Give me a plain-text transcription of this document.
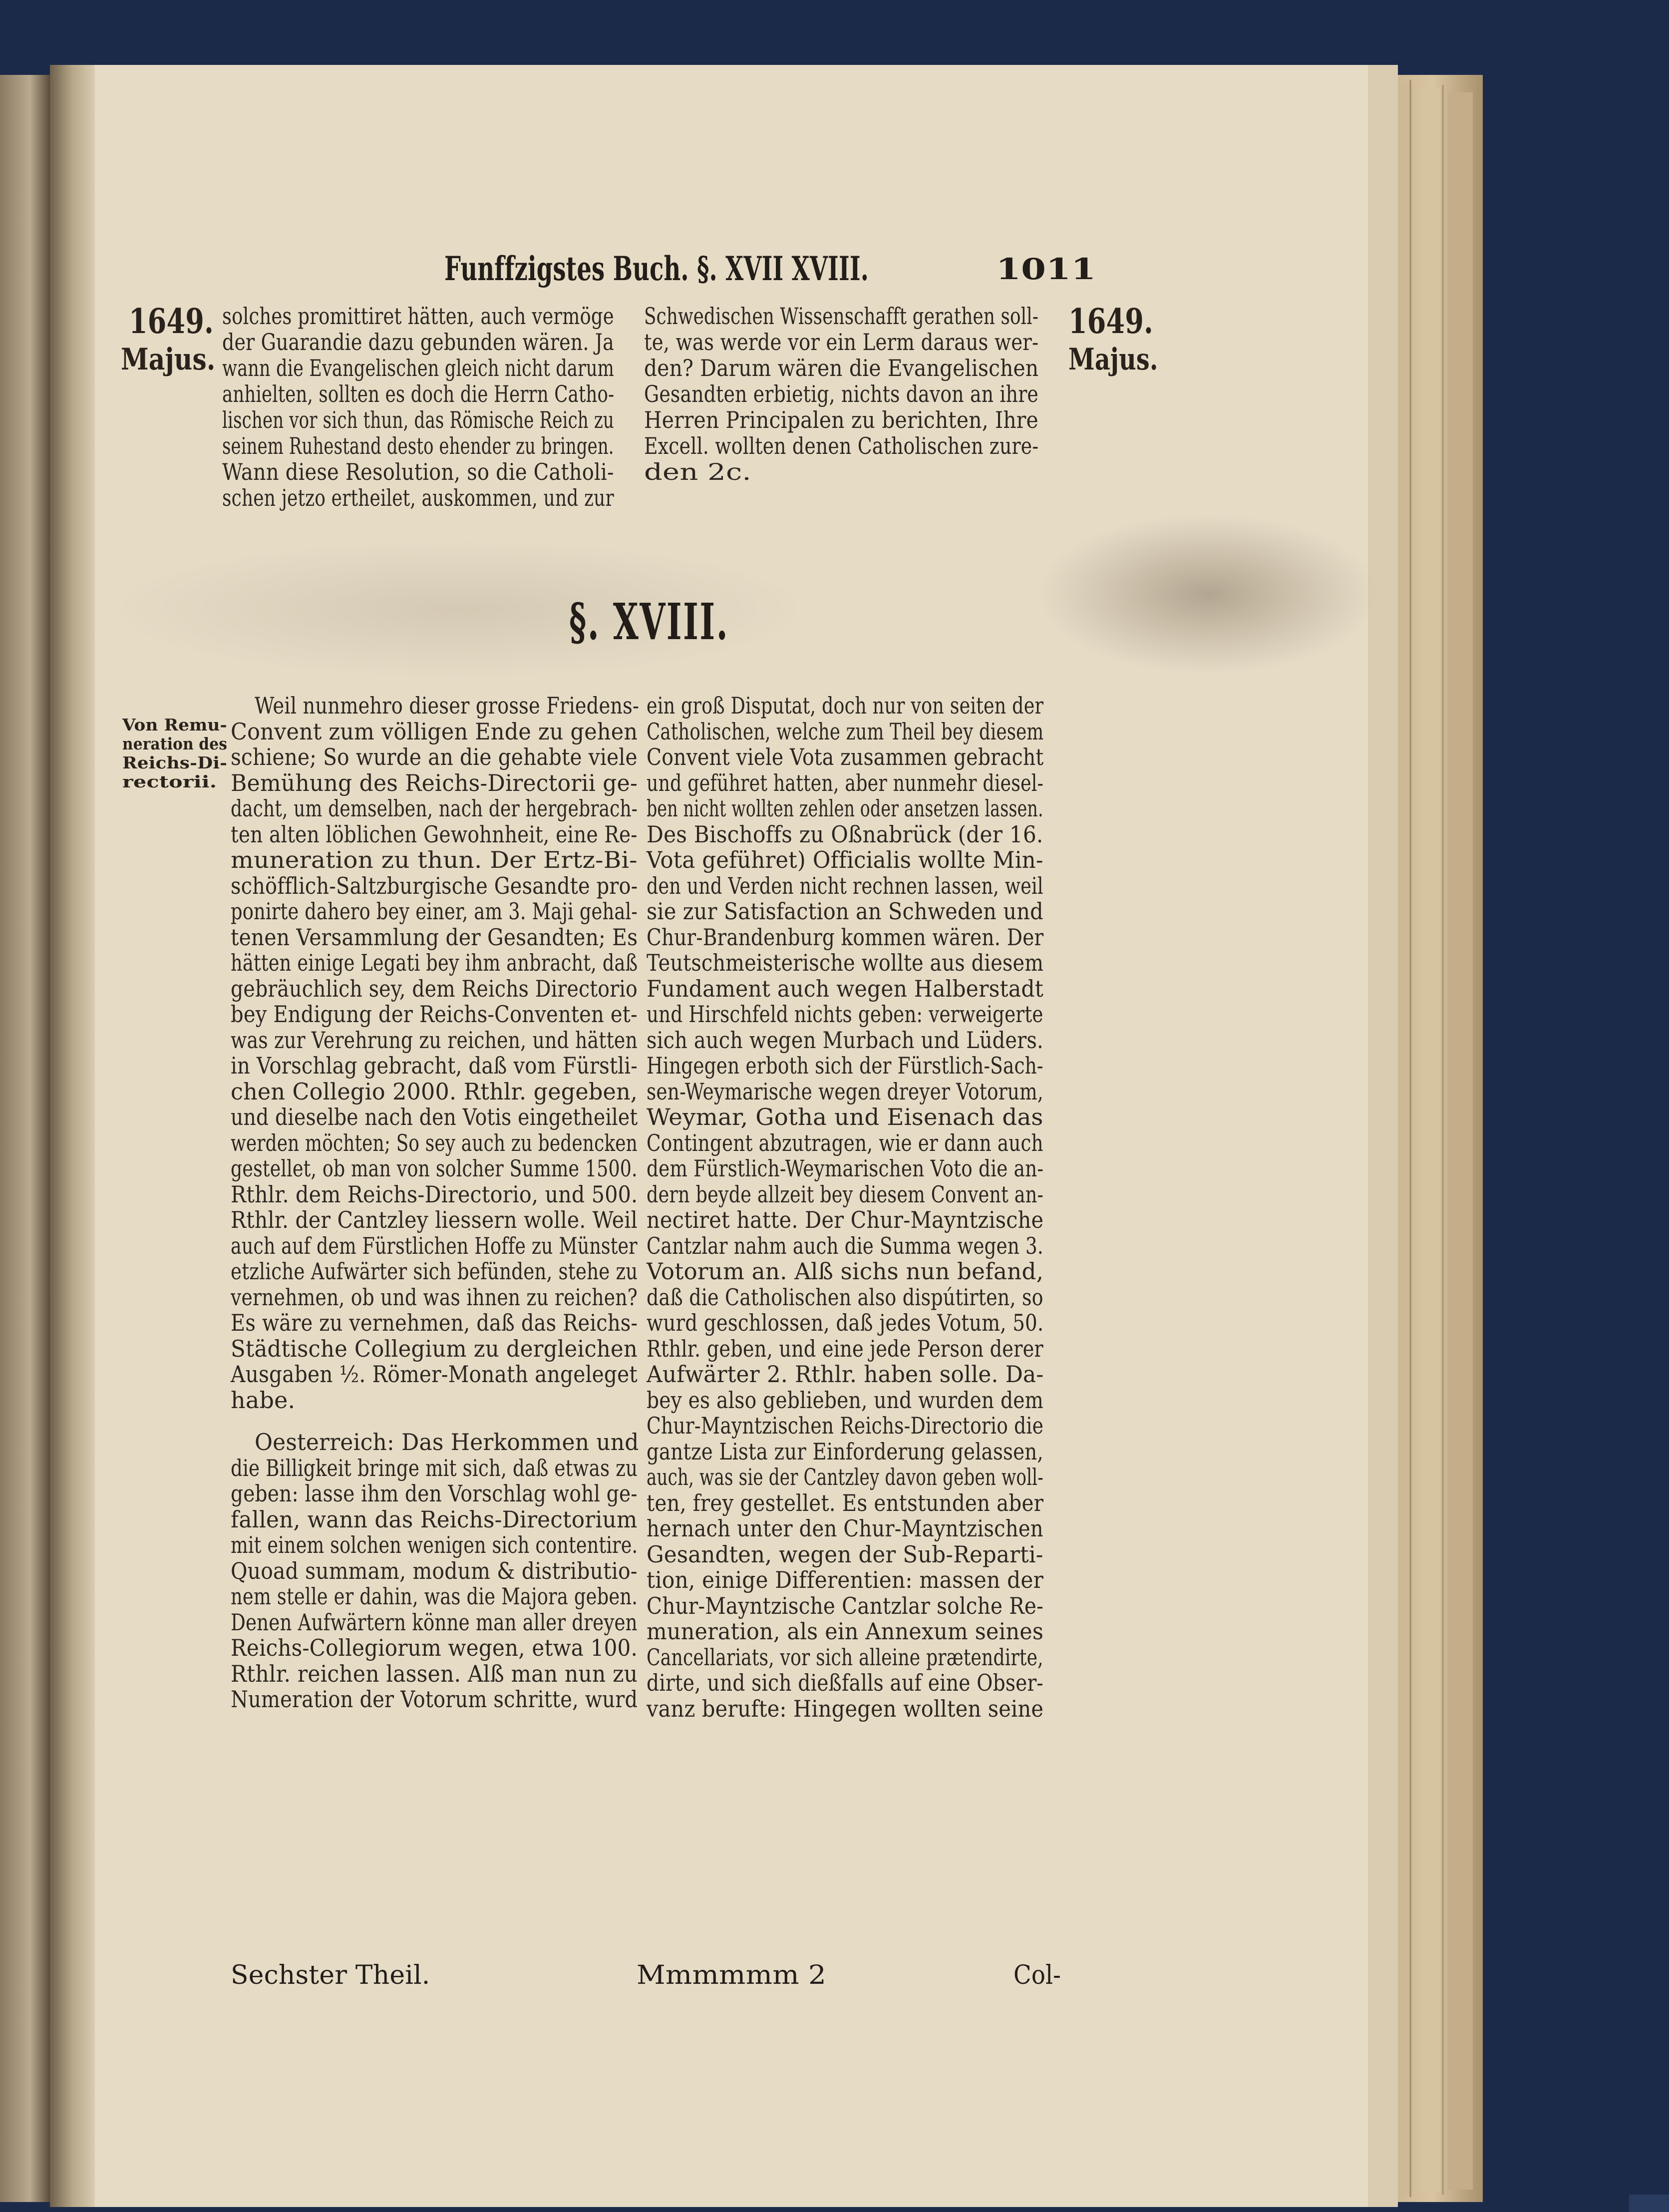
Funffzigstes Buch. §. XVII XVIII.	1011
1649.
Majus.
1649.
Majus.
solches promittiret hätten, auch vermöge
der Guarandie dazu gebunden wären. Ja
wann die Evangelischen gleich nicht darum
anhielten, sollten es doch die Herrn Catho-
lischen vor sich thun, das Römische Reich zu
seinem Ruhestand desto ehender zu bringen.
Wann diese Resolution, so die Catholi-
schen jetzo ertheilet, auskommen, und zur
Schwedischen Wissenschafft gerathen soll-
te, was werde vor ein Lerm daraus wer-
den? Darum wären die Evangelischen
Gesandten erbietig, nichts davon an ihre
Herren Principalen zu berichten, Ihre
Excell. wollten denen Catholischen zure-
den 2c.
§. XVIII.
Von Remu-
neration des
Reichs-Di-
rectorii.
Weil nunmehro dieser grosse Friedens-
Convent zum völligen Ende zu gehen
schiene; So wurde an die gehabte viele
Bemühung des Reichs-Directorii ge-
dacht, um demselben, nach der hergebrach-
ten alten löblichen Gewohnheit, eine Re-
muneration zu thun. Der Ertz-Bi-
schöfflich-Saltzburgische Gesandte pro-
ponirte dahero bey einer, am 3. Maji gehal-
tenen Versammlung der Gesandten; Es
hätten einige Legati bey ihm anbracht, daß
gebräuchlich sey, dem Reichs Directorio
bey Endigung der Reichs-Conventen et-
was zur Verehrung zu reichen, und hätten
in Vorschlag gebracht, daß vom Fürstli-
chen Collegio 2000. Rthlr. gegeben,
und dieselbe nach den Votis eingetheilet
werden möchten; So sey auch zu bedencken
gestellet, ob man von solcher Summe 1500.
Rthlr. dem Reichs-Directorio, und 500.
Rthlr. der Cantzley liessern wolle. Weil
auch auf dem Fürstlichen Hoffe zu Münster
etzliche Aufwärter sich befünden, stehe zu
vernehmen, ob und was ihnen zu reichen?
Es wäre zu vernehmen, daß das Reichs-
Städtische Collegium zu dergleichen
Ausgaben ½. Römer-Monath angeleget
habe.
Oesterreich: Das Herkommen und
die Billigkeit bringe mit sich, daß etwas zu
geben: lasse ihm den Vorschlag wohl ge-
fallen, wann das Reichs-Directorium
mit einem solchen wenigen sich contentire.
Quoad summam, modum & distributio-
nem stelle er dahin, was die Majora geben.
Denen Aufwärtern könne man aller dreyen
Reichs-Collegiorum wegen, etwa 100.
Rthlr. reichen lassen. Alß man nun zu
Numeration der Votorum schritte, wurd
ein groß Disputat, doch nur von seiten der
Catholischen, welche zum Theil bey diesem
Convent viele Vota zusammen gebracht
und geführet hatten, aber nunmehr diesel-
ben nicht wollten zehlen oder ansetzen lassen.
Des Bischoffs zu Oßnabrück (der 16.
Vota geführet) Officialis wollte Min-
den und Verden nicht rechnen lassen, weil
sie zur Satisfaction an Schweden und
Chur-Brandenburg kommen wären. Der
Teutschmeisterische wollte aus diesem
Fundament auch wegen Halberstadt
und Hirschfeld nichts geben: verweigerte
sich auch wegen Murbach und Lüders.
Hingegen erboth sich der Fürstlich-Sach-
sen-Weymarische wegen dreyer Votorum,
Weymar, Gotha und Eisenach das
Contingent abzutragen, wie er dann auch
dem Fürstlich-Weymarischen Voto die an-
dern beyde allzeit bey diesem Convent an-
nectiret hatte. Der Chur-Mayntzische
Cantzlar nahm auch die Summa wegen 3.
Votorum an. Alß sichs nun befand,
daß die Catholischen also dispútirten, so
wurd geschlossen, daß jedes Votum, 50.
Rthlr. geben, und eine jede Person derer
Aufwärter 2. Rthlr. haben solle. Da-
bey es also geblieben, und wurden dem
Chur-Mayntzischen Reichs-Directorio die
gantze Lista zur Einforderung gelassen,
auch, was sie der Cantzley davon geben woll-
ten, frey gestellet. Es entstunden aber
hernach unter den Chur-Mayntzischen
Gesandten, wegen der Sub-Reparti-
tion, einige Differentien: massen der
Chur-Mayntzische Cantzlar solche Re-
muneration, als ein Annexum seines
Cancellariats, vor sich alleine prætendirte,
dirte, und sich dießfalls auf eine Obser-
vanz berufte: Hingegen wollten seine
Sechster Theil.	Mmmmmm 2	Col-
